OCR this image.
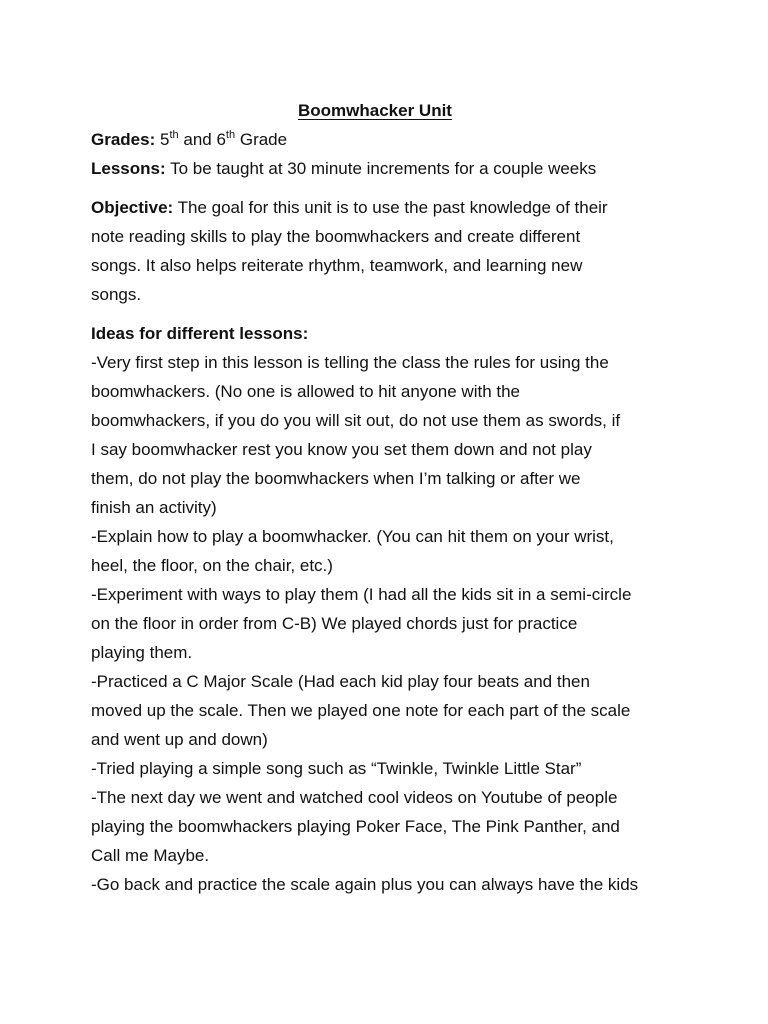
Boomwhacker Unit

Grades: 5th and 6th Grade

Lessons: To be taught at 30 minute increments for a couple weeks

Objective: The goal for this unit is to use the past knowledge of their

note reading skills to play the boomwhackers and create different

songs. It also helps reiterate rhythm, teamwork, and learning new

songs.

Ideas for different lessons:

-Very first step in this lesson is telling the class the rules for using the

boomwhackers. (No one is allowed to hit anyone with the

boomwhackers, if you do you will sit out, do not use them as swords, if

I say boomwhacker rest you know you set them down and not play

them, do not play the boomwhackers when I’m talking or after we

finish an activity)

-Explain how to play a boomwhacker. (You can hit them on your wrist,

heel, the floor, on the chair, etc.)

-Experiment with ways to play them (I had all the kids sit in a semi-circle

on the floor in order from C-B) We played chords just for practice

playing them.

-Practiced a C Major Scale (Had each kid play four beats and then

moved up the scale. Then we played one note for each part of the scale

and went up and down)

-Tried playing a simple song such as “Twinkle, Twinkle Little Star”

-The next day we went and watched cool videos on Youtube of people

playing the boomwhackers playing Poker Face, The Pink Panther, and

Call me Maybe.

-Go back and practice the scale again plus you can always have the kids
